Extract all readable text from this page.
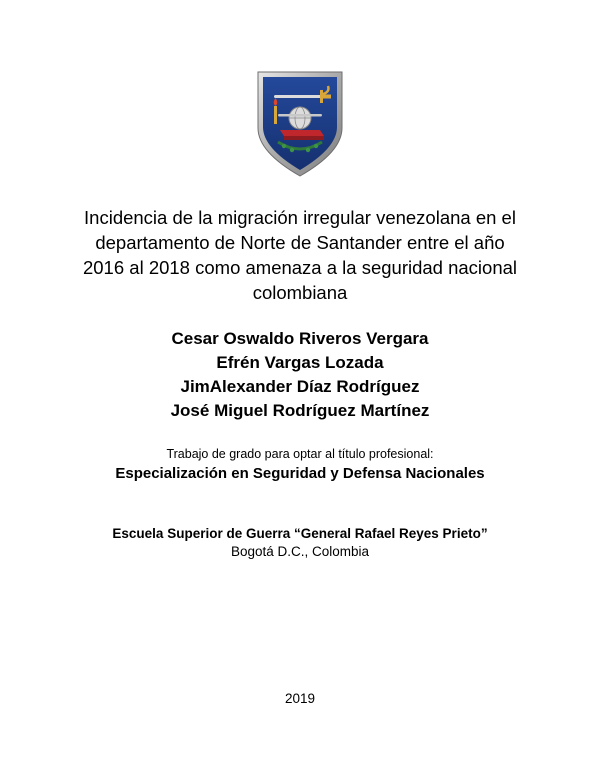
Incidencia de la migración irregular venezolana en el
departamento de Norte de Santander entre el año
2016 al 2018 como amenaza a la seguridad nacional
colombiana
Cesar Oswaldo Riveros Vergara
Efrén Vargas Lozada
JimAlexander Díaz Rodríguez
José Miguel Rodríguez Martínez
Trabajo de grado para optar al título profesional:
Especialización en Seguridad y Defensa Nacionales
Escuela Superior de Guerra “General Rafael Reyes Prieto”
Bogotá D.C., Colombia
2019
